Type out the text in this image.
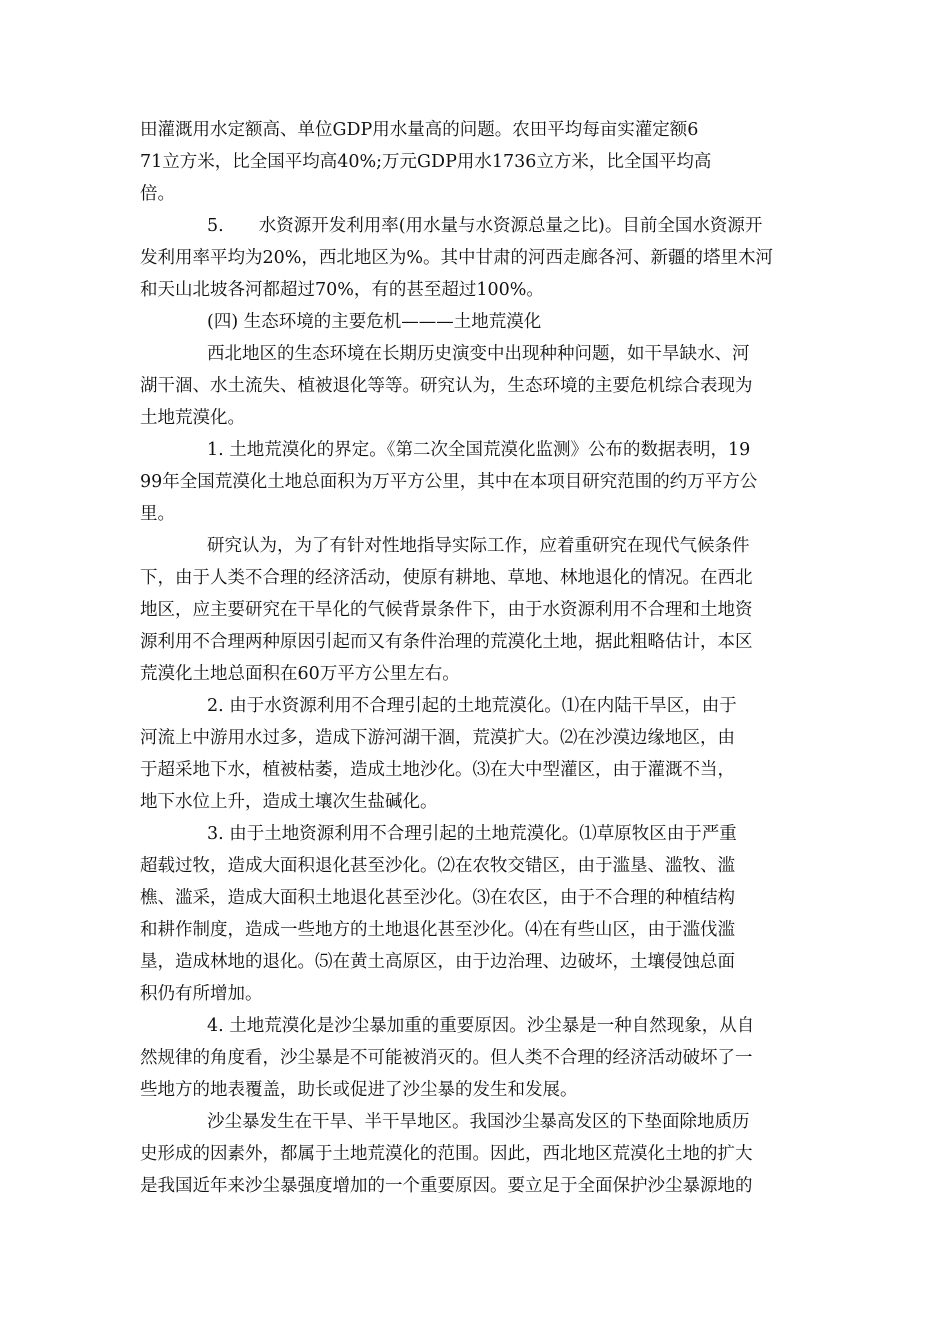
田灌溉用水定额高、单位GDP用水量高的问题。农田平均每亩实灌定额6

71立方米，比全国平均高40%;万元GDP用水1736立方米，比全国平均高

倍。

5.　　水资源开发利用率(用水量与水资源总量之比)。目前全国水资源开

发利用率平均为20%，西北地区为%。其中甘肃的河西走廊各河、新疆的塔里木河

和天山北坡各河都超过70%，有的甚至超过100%。

(四) 生态环境的主要危机———土地荒漠化

西北地区的生态环境在长期历史演变中出现种种问题，如干旱缺水、河

湖干涸、水土流失、植被退化等等。研究认为，生态环境的主要危机综合表现为

土地荒漠化。

1. 土地荒漠化的界定。《第二次全国荒漠化监测》公布的数据表明，19

99年全国荒漠化土地总面积为万平方公里，其中在本项目研究范围的约万平方公

里。

研究认为，为了有针对性地指导实际工作，应着重研究在现代气候条件

下，由于人类不合理的经济活动，使原有耕地、草地、林地退化的情况。在西北

地区，应主要研究在干旱化的气候背景条件下，由于水资源利用不合理和土地资

源利用不合理两种原因引起而又有条件治理的荒漠化土地，据此粗略估计，本区

荒漠化土地总面积在60万平方公里左右。

2. 由于水资源利用不合理引起的土地荒漠化。⑴在内陆干旱区，由于

河流上中游用水过多，造成下游河湖干涸，荒漠扩大。⑵在沙漠边缘地区，由

于超采地下水，植被枯萎，造成土地沙化。⑶在大中型灌区，由于灌溉不当，

地下水位上升，造成土壤次生盐碱化。

3. 由于土地资源利用不合理引起的土地荒漠化。⑴草原牧区由于严重

超载过牧，造成大面积退化甚至沙化。⑵在农牧交错区，由于滥垦、滥牧、滥

樵、滥采，造成大面积土地退化甚至沙化。⑶在农区，由于不合理的种植结构

和耕作制度，造成一些地方的土地退化甚至沙化。⑷在有些山区，由于滥伐滥

垦，造成林地的退化。⑸在黄土高原区，由于边治理、边破坏，土壤侵蚀总面

积仍有所增加。

4. 土地荒漠化是沙尘暴加重的重要原因。沙尘暴是一种自然现象，从自

然规律的角度看，沙尘暴是不可能被消灭的。但人类不合理的经济活动破坏了一

些地方的地表覆盖，助长或促进了沙尘暴的发生和发展。

沙尘暴发生在干旱、半干旱地区。我国沙尘暴高发区的下垫面除地质历

史形成的因素外，都属于土地荒漠化的范围。因此，西北地区荒漠化土地的扩大

是我国近年来沙尘暴强度增加的一个重要原因。要立足于全面保护沙尘暴源地的
